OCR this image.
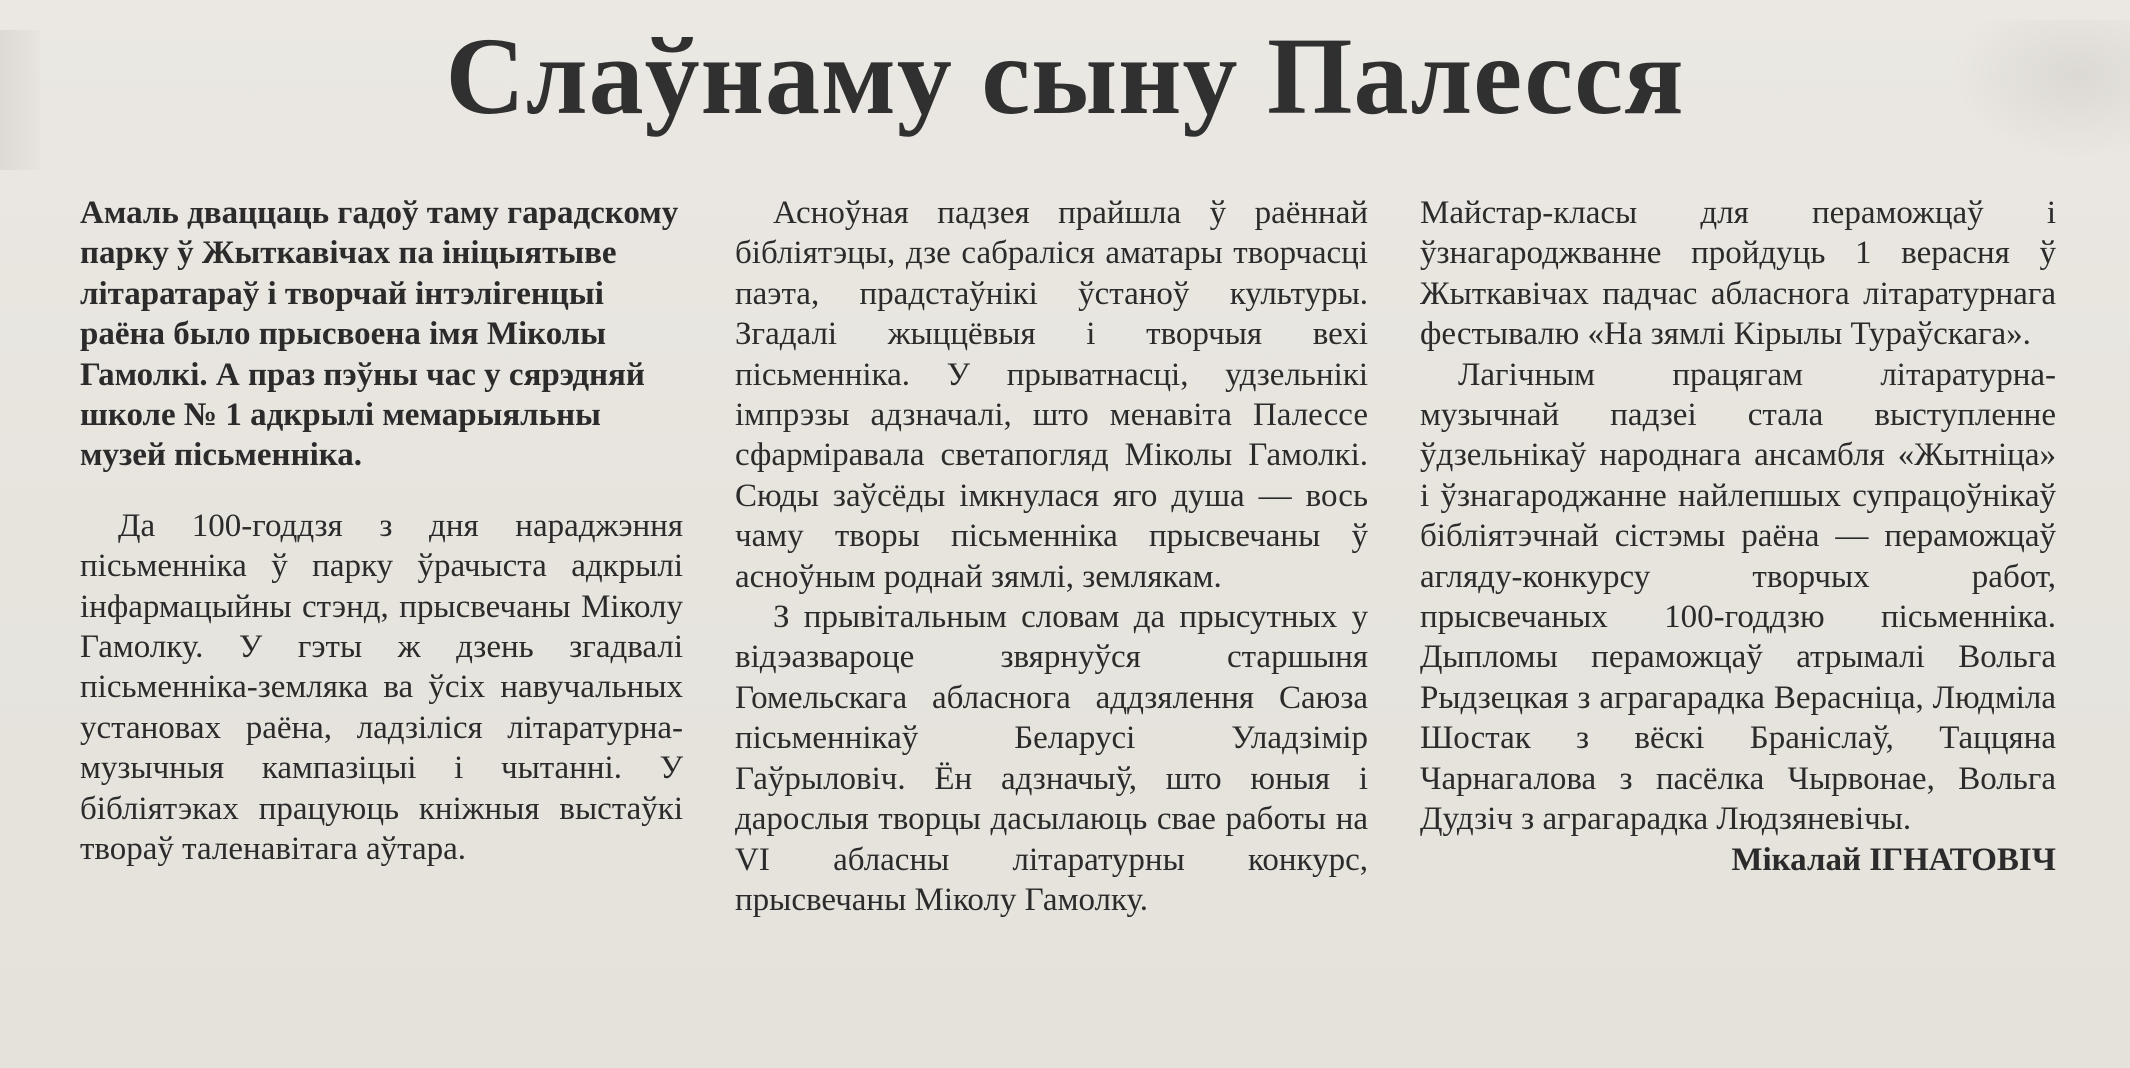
Слаўнаму сыну Палесся

Амаль дваццаць гадоў таму гарадскому парку ў Жыткавічах па ініцыятыве літаратараў і творчай інтэлігенцыі раёна было прысвоена імя Міколы Гамолкі. А праз пэўны час у сярэдняй школе № 1 адкрылі мемарыяльны музей пісьменніка.

Да 100-годдзя з дня нараджэння пісьменніка ў парку ўрачыста адкрылі інфармацыйны стэнд, прысвечаны Міколу Гамолку. У гэты ж дзень згадвалі пісьменніка-земляка ва ўсіх навучальных установах раёна, ладзіліся літаратурна-музычныя кампазіцыі і чытанні. У бібліятэках працуюць кніжныя выстаўкі твораў таленавітага аўтара.

Асноўная падзея прайшла ў раённай бібліятэцы, дзе сабраліся аматары творчасці паэта, прадстаўнікі ўстаноў культуры. Згадалі жыццёвыя і творчыя вехі пісьменніка. У прыватнасці, удзельнікі імпрэзы адзначалі, што менавіта Палессе сфарміравала светапогляд Міколы Гамолкі. Сюды заўсёды імкнулася яго душа — вось чаму творы пісьменніка прысвечаны ў асноўным роднай зямлі, землякам.

З прывітальным словам да прысутных у відэазвароце звярнуўся старшыня Гомельскага абласнога аддзялення Саюза пісьменнікаў Беларусі Уладзімір Гаўрыловіч. Ён адзначыў, што юныя і дарослыя творцы дасылаюць свае работы на VI абласны літаратурны конкурс, прысвечаны Міколу Гамолку.

Майстар-класы для пераможцаў і ўзнагароджванне пройдуць 1 верасня ў Жыткавічах падчас абласнога літаратурнага фестывалю «На зямлі Кірылы Тураўскага».

Лагічным працягам літаратурна-музычнай падзеі стала выступленне ўдзельнікаў народнага ансамбля «Жытніца» і ўзнагароджанне найлепшых супрацоўнікаў бібліятэчнай сістэмы раёна — пераможцаў агляду-конкурсу творчых работ, прысвечаных 100-годдзю пісьменніка. Дыпломы пераможцаў атрымалі Вольга Рыдзецкая з аграгарадка Верасніца, Людміла Шостак з вёскі Браніслаў, Таццяна Чарнагалова з пасёлка Чырвонае, Вольга Дудзіч з аграгарадка Людзяневічы.

Мікалай ІГНАТОВІЧ
